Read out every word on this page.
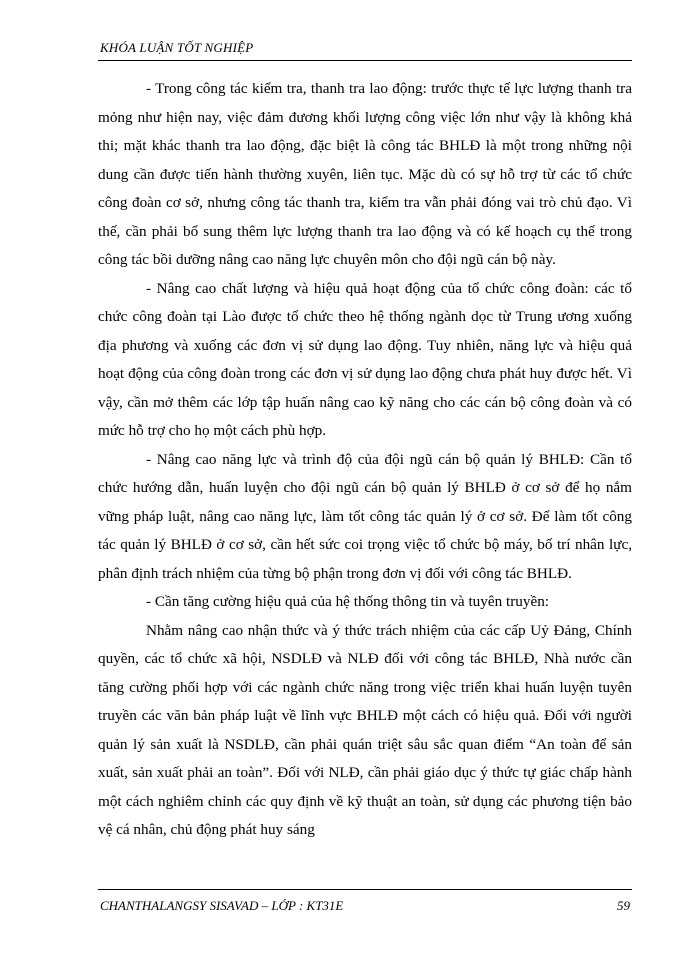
KHÓA LUẬN TỐT NGHIỆP

- Trong công tác kiểm tra, thanh tra lao động: trước thực tế lực lượng thanh tra mỏng như hiện nay, việc đảm đương khối lượng công việc lớn như vậy là không khả thi; mặt khác thanh tra lao động, đặc biệt là công tác BHLĐ là một trong những nội dung cần được tiến hành thường xuyên, liên tục. Mặc dù có sự hỗ trợ từ các tổ chức công đoàn cơ sở, nhưng công tác thanh tra, kiểm tra vẫn phải đóng vai trò chủ đạo. Vì thế, cần phải bổ sung thêm lực lượng thanh tra lao động và có kế hoạch cụ thể trong công tác bồi dưỡng nâng cao năng lực chuyên môn cho đội ngũ cán bộ này.

- Nâng cao chất lượng và hiệu quả hoạt động của tổ chức công đoàn: các tổ chức công đoàn tại Lào được tổ chức theo hệ thống ngành dọc từ Trung ương xuống địa phương và xuống các đơn vị sử dụng lao động. Tuy nhiên, năng lực và hiệu quả hoạt động của công đoàn trong các đơn vị sử dụng lao động chưa phát huy được hết. Vì vậy, cần mở thêm các lớp tập huấn nâng cao kỹ năng cho các cán bộ công đoàn và có mức hỗ trợ cho họ một cách phù hợp.

- Nâng cao năng lực và trình độ của đội ngũ cán bộ quản lý BHLĐ: Cần tổ chức hướng dẫn, huấn luyện cho đội ngũ cán bộ quản lý BHLĐ ở cơ sở để họ nắm vững pháp luật, nâng cao năng lực, làm tốt công tác quản lý ở cơ sở. Để làm tốt công tác quản lý BHLĐ ở cơ sở, cần hết sức coi trọng việc tổ chức bộ máy, bố trí nhân lực, phân định trách nhiệm của từng bộ phận trong đơn vị đối với công tác BHLĐ.

- Cần tăng cường hiệu quả của hệ thống thông tin và tuyên truyền:

Nhằm nâng cao nhận thức và ý thức trách nhiệm của các cấp Uỷ Đảng, Chính quyền, các tổ chức xã hội, NSDLĐ và NLĐ đối với công tác BHLĐ, Nhà nước cần tăng cường phối hợp với các ngành chức năng trong việc triển khai huấn luyện tuyên truyền các văn bản pháp luật về lĩnh vực BHLĐ một cách có hiệu quả. Đối với người quản lý sản xuất là NSDLĐ, cần phải quán triệt sâu sắc quan điểm “An toàn để sản xuất, sản xuất phải an toàn”. Đối với NLĐ, cần phải giáo dục ý thức tự giác chấp hành một cách nghiêm chỉnh các quy định về kỹ thuật an toàn, sử dụng các phương tiện bảo vệ cá nhân, chủ động phát huy sáng

CHANTHALANGSY SISAVAD – LỚP : KT31E	59
